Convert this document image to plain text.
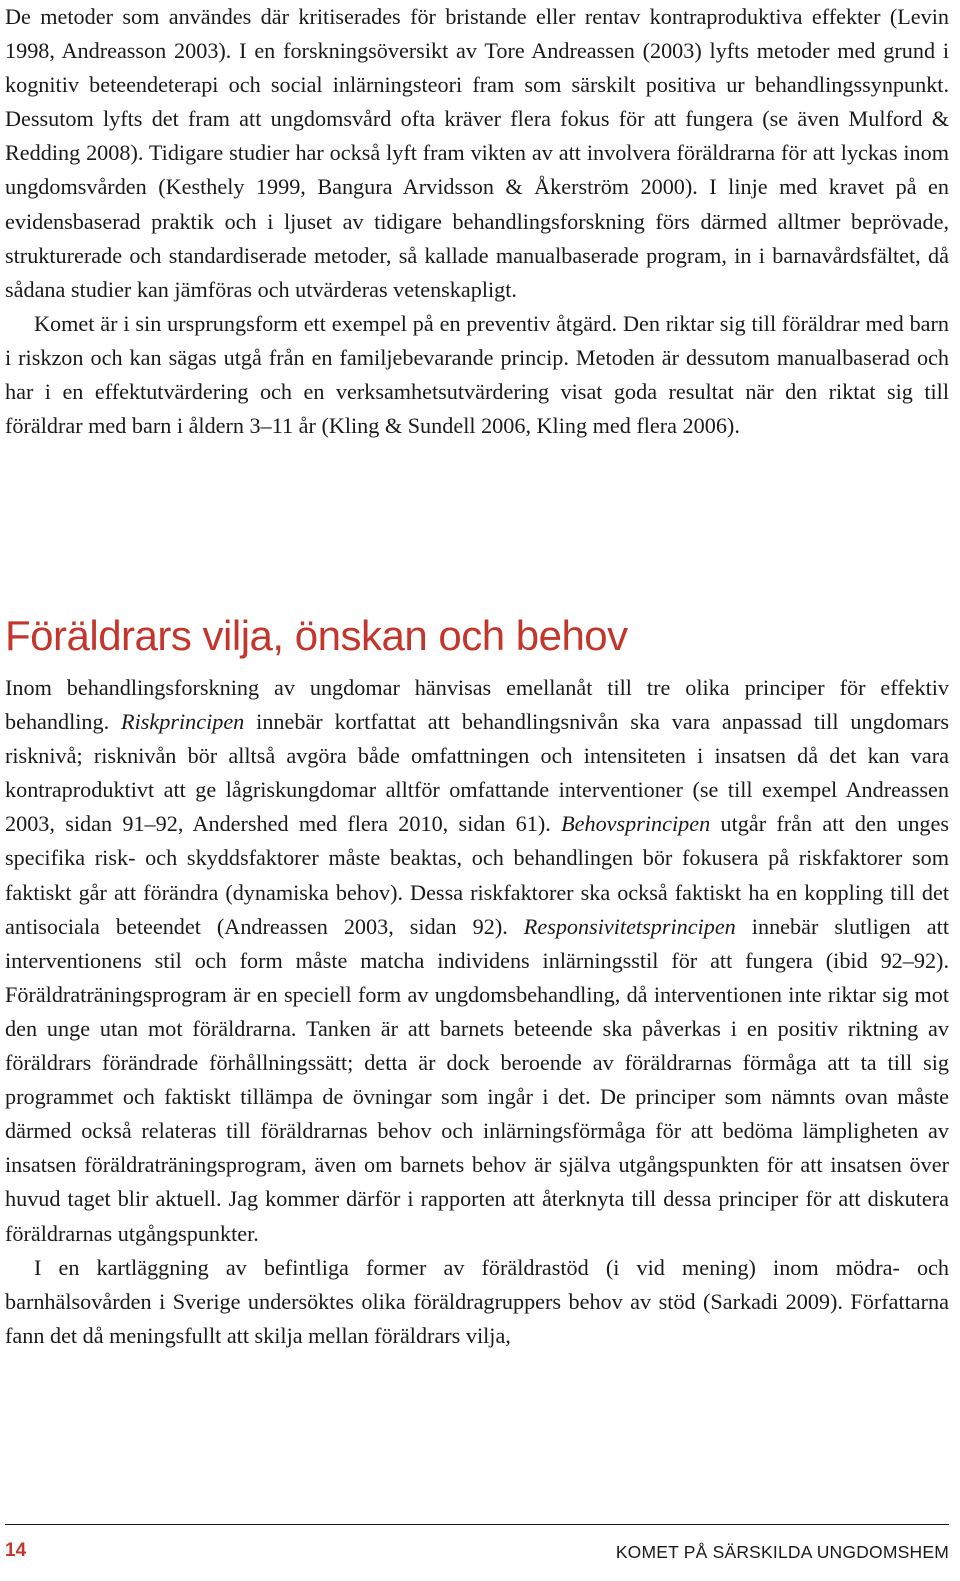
De metoder som användes där kritiserades för bristande eller rentav kontraproduktiva effekter (Levin 1998, Andreasson 2003). I en forskningsöversikt av Tore Andreassen (2003) lyfts metoder med grund i kognitiv beteendeterapi och social inlärningsteori fram som särskilt positiva ur behandlingssynpunkt. Dessutom lyfts det fram att ungdomsvård ofta kräver flera fokus för att fungera (se även Mulford & Redding 2008). Tidigare studier har också lyft fram vikten av att involvera föräldrarna för att lyckas inom ungdomsvården (Kesthely 1999, Bangura Arvidsson & Åkerström 2000). I linje med kravet på en evidensbaserad praktik och i ljuset av tidigare behandlingsforskning förs därmed alltmer beprövade, strukturerade och standardiserade metoder, så kallade manualbaserade program, in i barnavårdsfältet, då sådana studier kan jämföras och utvärderas vetenskapligt.

Komet är i sin ursprungsform ett exempel på en preventiv åtgärd. Den riktar sig till föräldrar med barn i riskzon och kan sägas utgå från en familjebevarande princip. Metoden är dessutom manualbaserad och har i en effektutvärdering och en verksamhetsutvärdering visat goda resultat när den riktat sig till föräldrar med barn i åldern 3–11 år (Kling & Sundell 2006, Kling med flera 2006).

Föräldrars vilja, önskan och behov

Inom behandlingsforskning av ungdomar hänvisas emellanåt till tre olika principer för effektiv behandling. Riskprincipen innebär kortfattat att behandlingsnivån ska vara anpassad till ungdomars risknivå; risknivån bör alltså avgöra både omfattningen och intensiteten i insatsen då det kan vara kontraproduktivt att ge lågriskungdomar alltför omfattande interventioner (se till exempel Andreassen 2003, sidan 91–92, Andershed med flera 2010, sidan 61). Behovsprincipen utgår från att den unges specifika risk- och skyddsfaktorer måste beaktas, och behandlingen bör fokusera på riskfaktorer som faktiskt går att förändra (dynamiska behov). Dessa riskfaktorer ska också faktiskt ha en koppling till det antisociala beteendet (Andreassen 2003, sidan 92). Responsivitetsprincipen innebär slutligen att interventionens stil och form måste matcha individens inlärningsstil för att fungera (ibid 92–92). Föräldraträningsprogram är en speciell form av ungdomsbehandling, då interventionen inte riktar sig mot den unge utan mot föräldrarna. Tanken är att barnets beteende ska påverkas i en positiv riktning av föräldrars förändrade förhållningssätt; detta är dock beroende av föräldrarnas förmåga att ta till sig programmet och faktiskt tillämpa de övningar som ingår i det. De principer som nämnts ovan måste därmed också relateras till föräldrarnas behov och inlärningsförmåga för att bedöma lämpligheten av insatsen föräldraträningsprogram, även om barnets behov är själva utgångspunkten för att insatsen över huvud taget blir aktuell. Jag kommer därför i rapporten att återknyta till dessa principer för att diskutera föräldrarnas utgångspunkter.

I en kartläggning av befintliga former av föräldrastöd (i vid mening) inom mödra- och barnhälsovården i Sverige undersöktes olika föräldragruppers behov av stöd (Sarkadi 2009). Författarna fann det då meningsfullt att skilja mellan föräldrars vilja,

14	KOMET PÅ SÄRSKILDA UNGDOMSHEM
